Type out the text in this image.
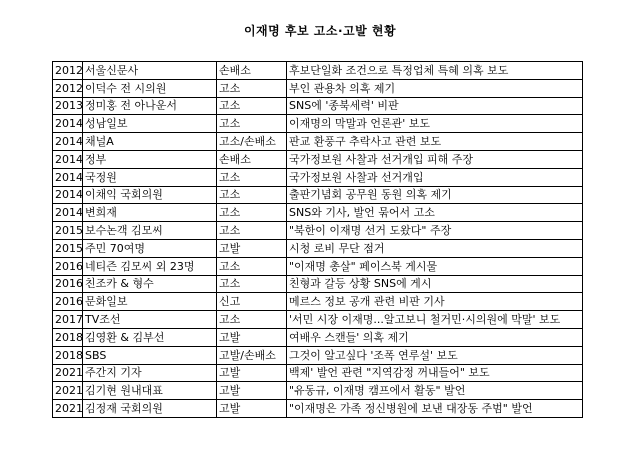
이재명 후보 고소·고발 현황
2012	서울신문사	손배소	후보단일화 조건으로 특정업체 특혜 의혹 보도
2012	이덕수 전 시의원	고소	부인 관용차 의혹 제기
2013	정미홍 전 아나운서	고소	SNS에 '종북세력' 비판
2014	성남일보	고소	이재명의 막말과 언론관' 보도
2014	채널A	고소/손배소	판교 환풍구 추락사고 관련 보도
2014	정부	손배소	국가정보원 사찰과 선거개입 피해 주장
2014	국정원	고소	국가정보원 사찰과 선거개입
2014	이채익 국회의원	고소	출판기념회 공무원 동원 의혹 제기
2014	변희재	고소	SNS와 기사, 발언 묶어서 고소
2015	보수논객 김모씨	고소	"북한이 이재명 선거 도왔다" 주장
2015	주민 70여명	고발	시청 로비 무단 점거
2016	네티즌 김모씨 외 23명	고소	"이재명 총살" 페이스북 게시물
2016	친조카 & 형수	고소	친형과 갈등 상황 SNS에 게시
2016	문화일보	신고	메르스 정보 공개 관련 비판 기사
2017	TV조선	고소	'서민 시장 이재명...알고보니 철거민·시의원에 막말' 보도
2018	김영환 & 김부선	고발	여배우 스캔들' 의혹 제기
2018	SBS	고발/손배소	그것이 알고싶다 '조폭 연루설' 보도
2021	주간지 기자	고발	백제' 발언 관련 "지역감정 꺼내들어" 보도
2021	김기현 원내대표	고발	"유동규, 이재명 캠프에서 활동" 발언
2021	김정재 국회의원	고발	"이재명은 가족 정신병원에 보낸 대장동 주범" 발언
